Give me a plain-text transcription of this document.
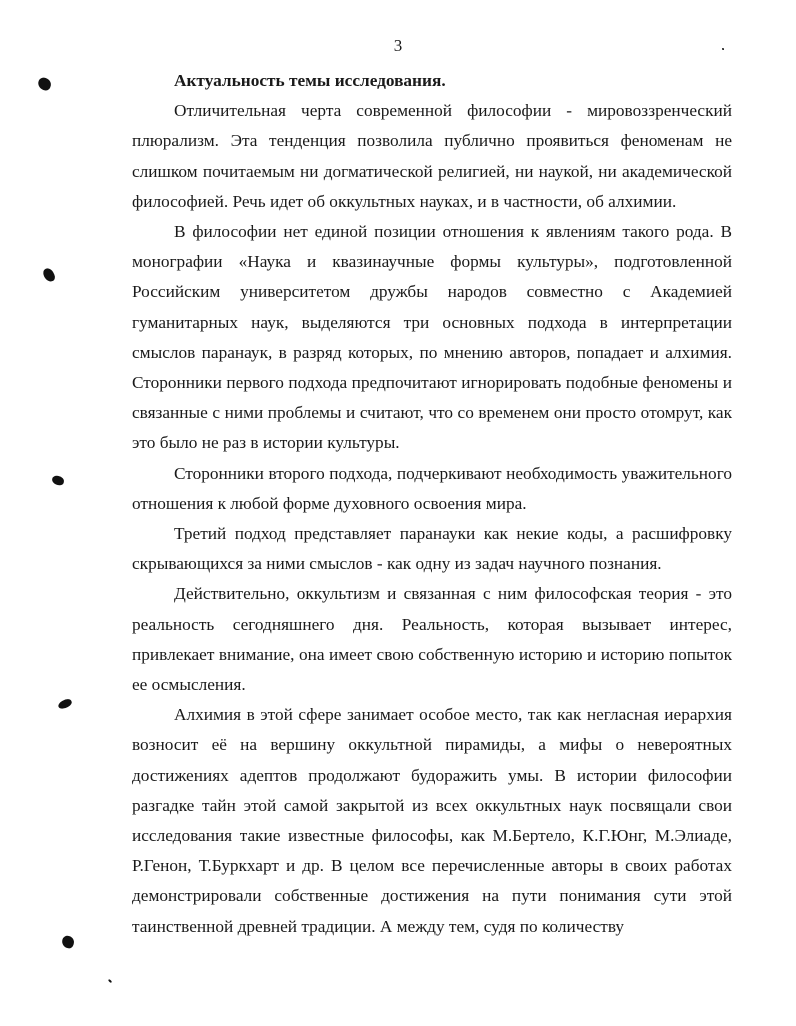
3

Актуальность темы исследования.

Отличительная черта современной философии - мировоззренческий плюрализм. Эта тенденция позволила публично проявиться феноменам не слишком почитаемым ни догматической религией, ни наукой, ни академической философией. Речь идет об оккультных науках, и в частности, об алхимии.

В философии нет единой позиции отношения к явлениям такого рода. В монографии «Наука и квазинаучные формы культуры», подготовленной Российским университетом дружбы народов совместно с Академией гуманитарных наук, выделяются три основных подхода в интерпретации смыслов паранаук, в разряд которых, по мнению авторов, попадает и алхимия. Сторонники первого подхода предпочитают игнорировать подобные феномены и связанные с ними проблемы и считают, что со временем они просто отомрут, как это было не раз в истории культуры.

Сторонники второго подхода, подчеркивают необходимость уважительного отношения к любой форме духовного освоения мира.

Третий подход представляет паранауки как некие коды, а расшифровку скрывающихся за ними смыслов - как одну из задач научного познания.

Действительно, оккультизм и связанная с ним философская теория - это реальность сегодняшнего дня. Реальность, которая вызывает интерес, привлекает внимание, она имеет свою собственную историю и историю попыток ее осмысления.

Алхимия в этой сфере занимает особое место, так как негласная иерархия возносит её на вершину оккультной пирамиды, а мифы о невероятных достижениях адептов продолжают будоражить умы. В истории философии разгадке тайн этой самой закрытой из всех оккультных наук посвящали свои исследования такие известные философы, как М.Бертело, К.Г.Юнг, М.Элиаде, Р.Генон, Т.Буркхарт и др. В целом все перечисленные авторы в своих работах демонстрировали собственные достижения на пути понимания сути этой таинственной древней традиции. А между тем, судя по количеству
